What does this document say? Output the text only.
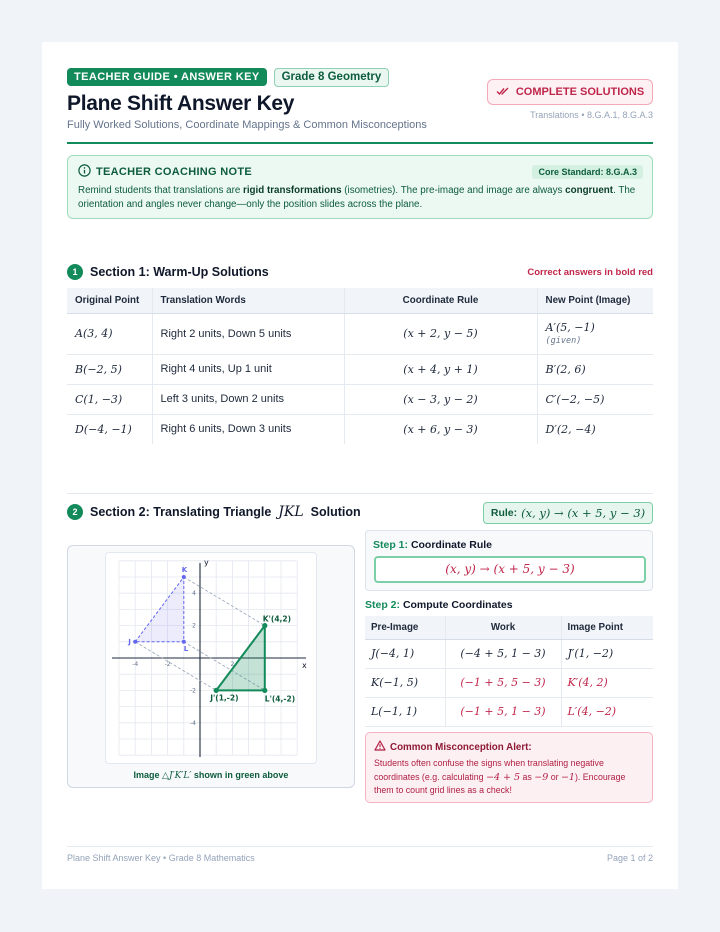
TEACHER GUIDE • ANSWER KEY	Grade 8 Geometry
Plane Shift Answer Key
Fully Worked Solutions, Coordinate Mappings & Common Misconceptions
COMPLETE SOLUTIONS
Translations • 8.G.A.1, 8.G.A.3
TEACHER COACHING NOTE	Core Standard: 8.G.A.3
Remind students that translations are rigid transformations (isometries). The pre-image and image are always congruent. The orientation and angles never change—only the position slides across the plane.
1	Section 1: Warm-Up Solutions	Correct answers in bold red
Original Point	Translation Words	Coordinate Rule	New Point (Image)
A(3, 4)	Right 2 units, Down 5 units	(x + 2, y − 5)	A′(5, −1)
(given)

B(−2, 5)	Right 4 units, Up 1 unit	(x + 4, y + 1)	B′(2, 6)
C(1, −3)	Left 3 units, Down 2 units	(x − 3, y − 2)	C′(−2, −5)
D(−4, −1)	Right 6 units, Down 3 units	(x + 6, y − 3)	D′(2, −4)
2	Section 2: Translating Triangle JKL Solution	Rule: (x, y) → (x + 5, y − 3)
-4	-2	2
4
2
-2
-4
x
y
J
K
L
J'(1,-2)
K'(4,2)
L'(4,-2)
Image △J′K′L′ shown in green above
Step 1: Coordinate Rule
(x, y) → (x + 5, y − 3)
Step 2: Compute Coordinates
Pre-Image	Work	Image Point
J(−4, 1)	(−4 + 5, 1 − 3)	J′(1, −2)
K(−1, 5)	(−1 + 5, 5 − 3)	K′(4, 2)
L(−1, 1)	(−1 + 5, 1 − 3)	L′(4, −2)
Common Misconception Alert:
Students often confuse the signs when translating negative coordinates (e.g. calculating −4 + 5 as −9 or −1). Encourage them to count grid lines as a check!
Plane Shift Answer Key • Grade 8 Mathematics	Page 1 of 2
